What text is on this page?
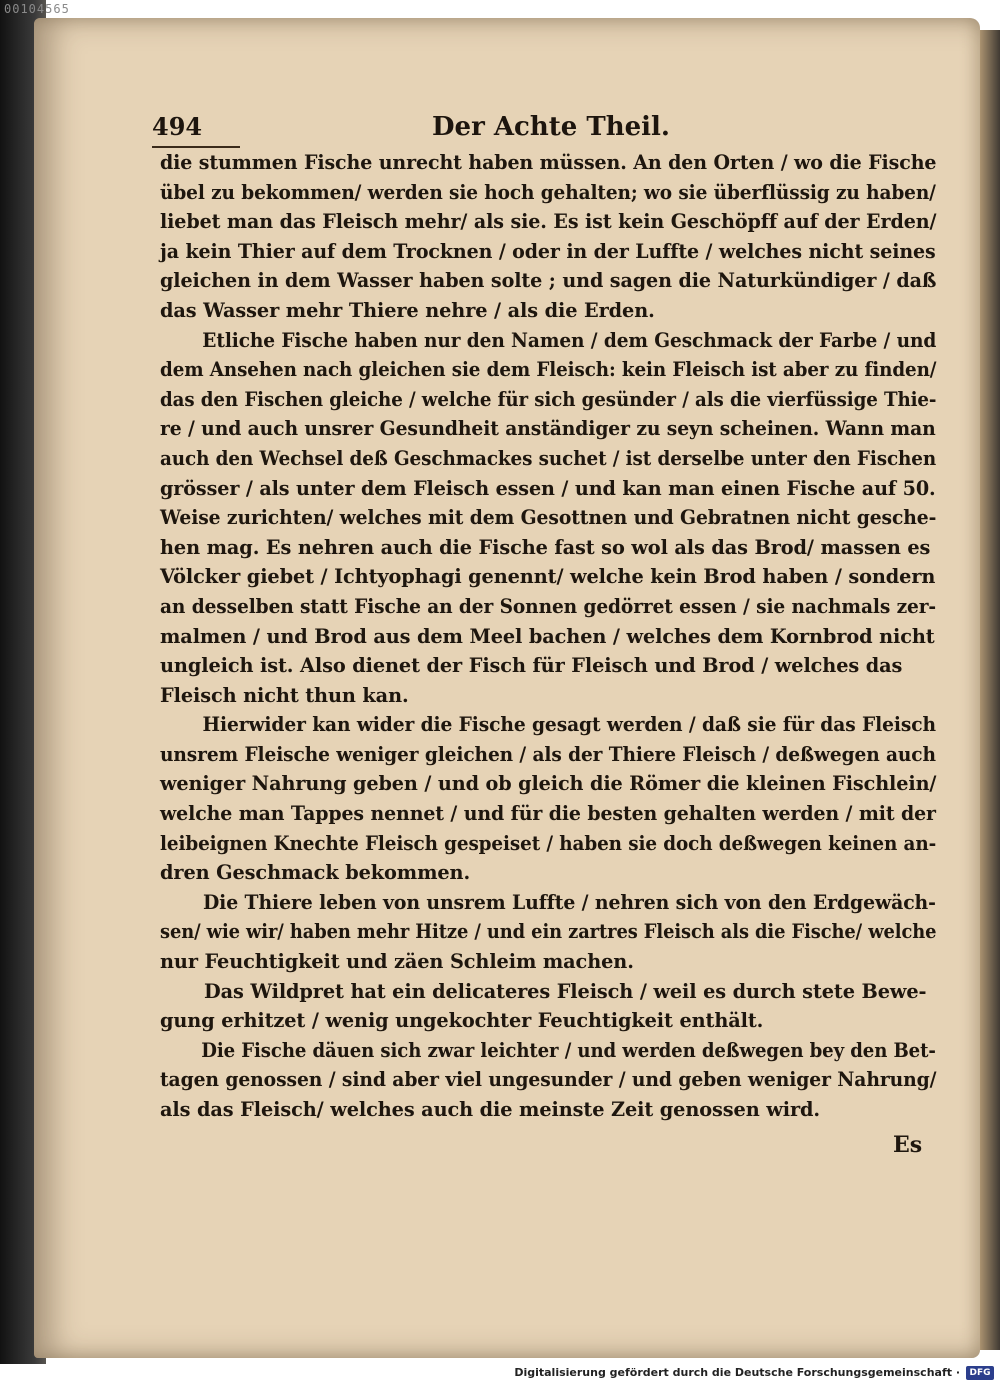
00104565
494	Der Achte Theil.
die stummen Fische unrecht haben müssen. An den Orten / wo die Fische
übel zu bekommen/ werden sie hoch gehalten; wo sie überflüssig zu haben/
liebet man das Fleisch mehr/ als sie. Es ist kein Geschöpff auf der Erden/
ja kein Thier auf dem Trocknen / oder in der Luffte / welches nicht seines
gleichen in dem Wasser haben solte ; und sagen die Naturkündiger / daß
das Wasser mehr Thiere nehre / als die Erden.
Etliche Fische haben nur den Namen / dem Geschmack der Farbe / und
dem Ansehen nach gleichen sie dem Fleisch: kein Fleisch ist aber zu finden/
das den Fischen gleiche / welche für sich gesünder / als die vierfüssige Thie-
re / und auch unsrer Gesundheit anständiger zu seyn scheinen. Wann man
auch den Wechsel deß Geschmackes suchet / ist derselbe unter den Fischen
grösser / als unter dem Fleisch essen / und kan man einen Fische auf 50.
Weise zurichten/ welches mit dem Gesottnen und Gebratnen nicht gesche-
hen mag. Es nehren auch die Fische fast so wol als das Brod/ massen es
Völcker giebet / Ichtyophagi genennt/ welche kein Brod haben / sondern
an desselben statt Fische an der Sonnen gedörret essen / sie nachmals zer-
malmen / und Brod aus dem Meel bachen / welches dem Kornbrod nicht
ungleich ist. Also dienet der Fisch für Fleisch und Brod / welches das
Fleisch nicht thun kan.
Hierwider kan wider die Fische gesagt werden / daß sie für das Fleisch
unsrem Fleische weniger gleichen / als der Thiere Fleisch / deßwegen auch
weniger Nahrung geben / und ob gleich die Römer die kleinen Fischlein/
welche man Tappes nennet / und für die besten gehalten werden / mit der
leibeignen Knechte Fleisch gespeiset / haben sie doch deßwegen keinen an-
dren Geschmack bekommen.
Die Thiere leben von unsrem Luffte / nehren sich von den Erdgewäch-
sen/ wie wir/ haben mehr Hitze / und ein zartres Fleisch als die Fische/ welche
nur Feuchtigkeit und zäen Schleim machen.
Das Wildpret hat ein delicateres Fleisch / weil es durch stete Bewe-
gung erhitzet / wenig ungekochter Feuchtigkeit enthält.
Die Fische däuen sich zwar leichter / und werden deßwegen bey den Bet-
tagen genossen / sind aber viel ungesunder / und geben weniger Nahrung/
als das Fleisch/ welches auch die meinste Zeit genossen wird.
Es
Digitalisierung gefördert durch die Deutsche Forschungsgemeinschaft ·	DFG
